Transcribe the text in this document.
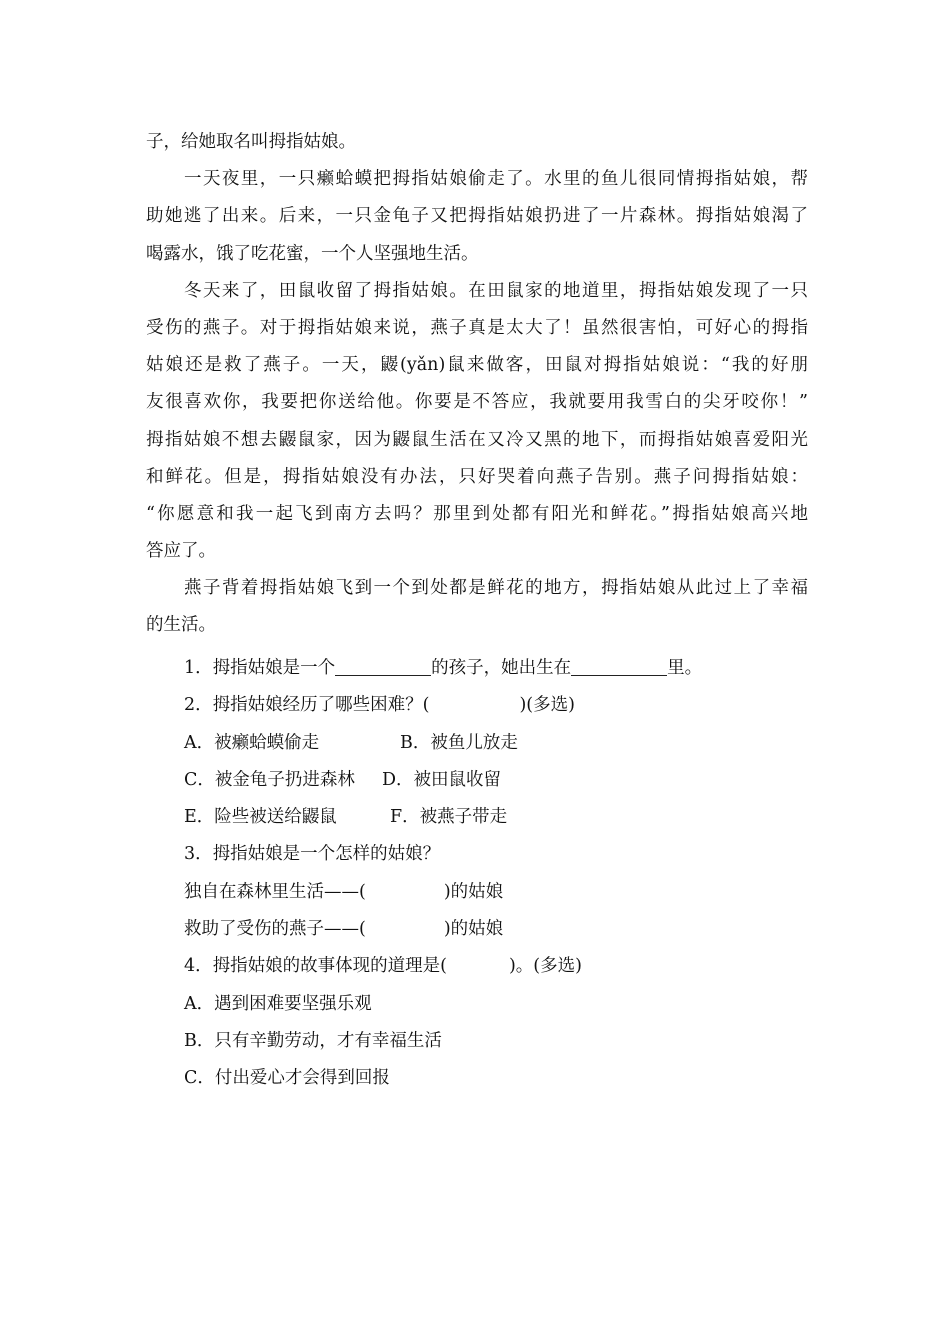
子，给她取名叫拇指姑娘。
一天夜里，一只癞蛤蟆把拇指姑娘偷走了。水里的鱼儿很同情拇指姑娘，帮
助她逃了出来。后来，一只金龟子又把拇指姑娘扔进了一片森林。拇指姑娘渴了
喝露水，饿了吃花蜜，一个人坚强地生活。
冬天来了，田鼠收留了拇指姑娘。在田鼠家的地道里，拇指姑娘发现了一只
受伤的燕子。对于拇指姑娘来说，燕子真是太大了！虽然很害怕，可好心的拇指
姑娘还是救了燕子。一天，鼹(yǎn)鼠来做客，田鼠对拇指姑娘说：“我的好朋
友很喜欢你，我要把你送给他。你要是不答应，我就要用我雪白的尖牙咬你！”
拇指姑娘不想去鼹鼠家，因为鼹鼠生活在又冷又黑的地下，而拇指姑娘喜爱阳光
和鲜花。但是，拇指姑娘没有办法，只好哭着向燕子告别。燕子问拇指姑娘：
“你愿意和我一起飞到南方去吗？那里到处都有阳光和鲜花。”拇指姑娘高兴地
答应了。
燕子背着拇指姑娘飞到一个到处都是鲜花的地方，拇指姑娘从此过上了幸福
的生活。
1．拇指姑娘是一个	的孩子，她出生在	里。
2．拇指姑娘经历了哪些困难？(	)(多选)
A．被癞蛤蟆偷走	B．被鱼儿放走
C．被金龟子扔进森林 D．被田鼠收留
E．险些被送给鼹鼠	F．被燕子带走
3．拇指姑娘是一个怎样的姑娘？
独自在森林里生活——(	)的姑娘
救助了受伤的燕子——(	)的姑娘
4．拇指姑娘的故事体现的道理是(	)。(多选)
A．遇到困难要坚强乐观
B．只有辛勤劳动，才有幸福生活
C．付出爱心才会得到回报
